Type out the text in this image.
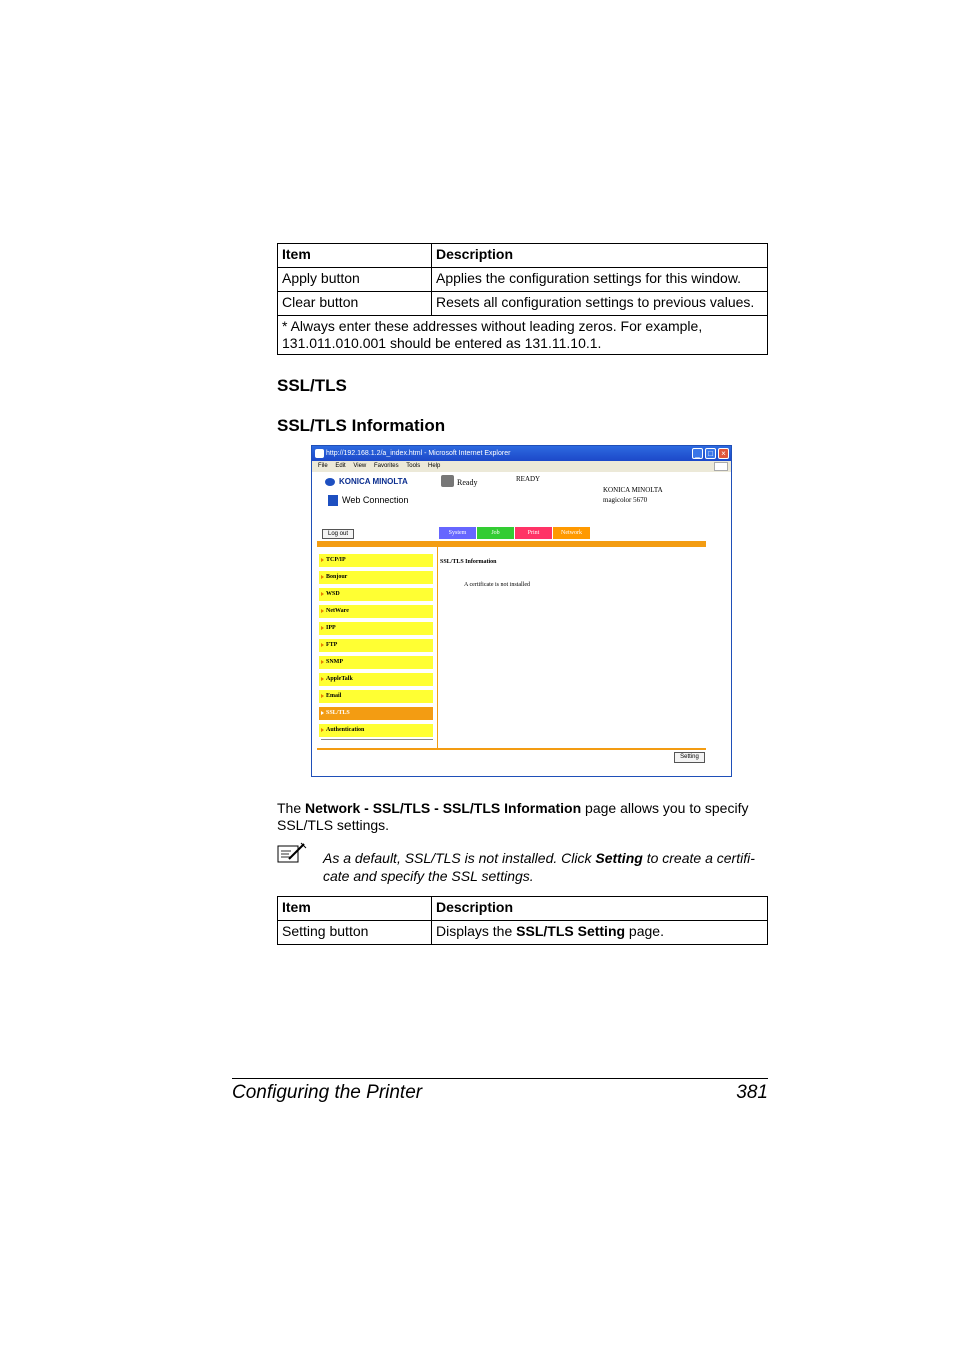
Item	Description
Apply button	Applies the configuration settings for this window.
Clear button	Resets all configuration settings to previous values.
* Always enter these addresses without leading zeros. For example, 131.011.010.001 should be entered as 131.11.10.1.	
SSL/TLS
SSL/TLS Information
http://192.168.1.2/a_index.html - Microsoft Internet Explorer	_	□	×
File Edit View Favorites Tools Help
KONICA MINOLTA
Web Connection
Ready	READY
KONICA MINOLTA
magicolor 5670
Log out	System	Job	Print	Network
TCP/IP
Bonjour
WSD
NetWare
IPP
FTP
SNMP
AppleTalk
Email
SSL/TLS
Authentication
SSL/TLS Information
A certificate is not installed
Setting
The Network - SSL/TLS - SSL/TLS Information page allows you to specify SSL/TLS settings.
As a default, SSL/TLS is not installed. Click Setting to create a certifi-cate and specify the SSL settings.
Item	Description
Setting button	Displays the SSL/TLS Setting page.
Configuring the Printer	381
